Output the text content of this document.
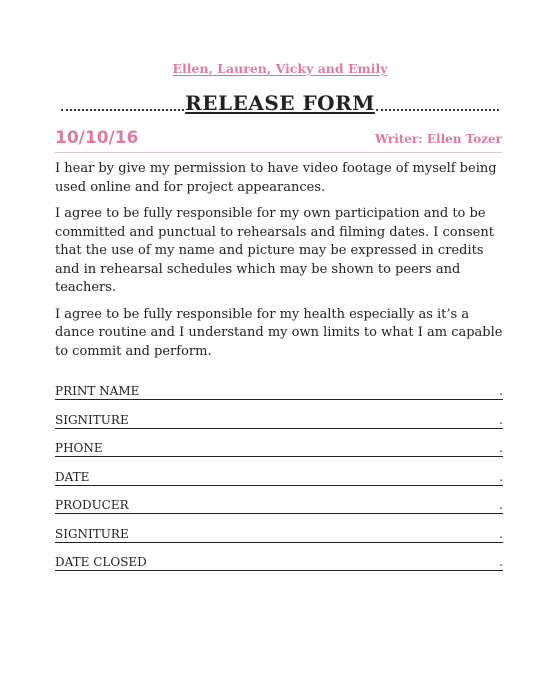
Ellen, Lauren, Vicky and Emily
RELEASE FORM
10/10/16	Writer: Ellen Tozer

I hear by give my permission to have video footage of myself being used online and for project appearances.

I agree to be fully responsible for my own participation and to be committed and punctual to rehearsals and filming dates. I consent that the use of my name and picture may be expressed in credits and in rehearsal schedules which may be shown to peers and teachers.

I agree to be fully responsible for my health especially as it’s a dance routine and I understand my own limits to what I am capable to commit and perform.

PRINT NAME	.
SIGNITURE	.
PHONE	.
DATE	.
PRODUCER	.
SIGNITURE	.
DATE CLOSED	.
